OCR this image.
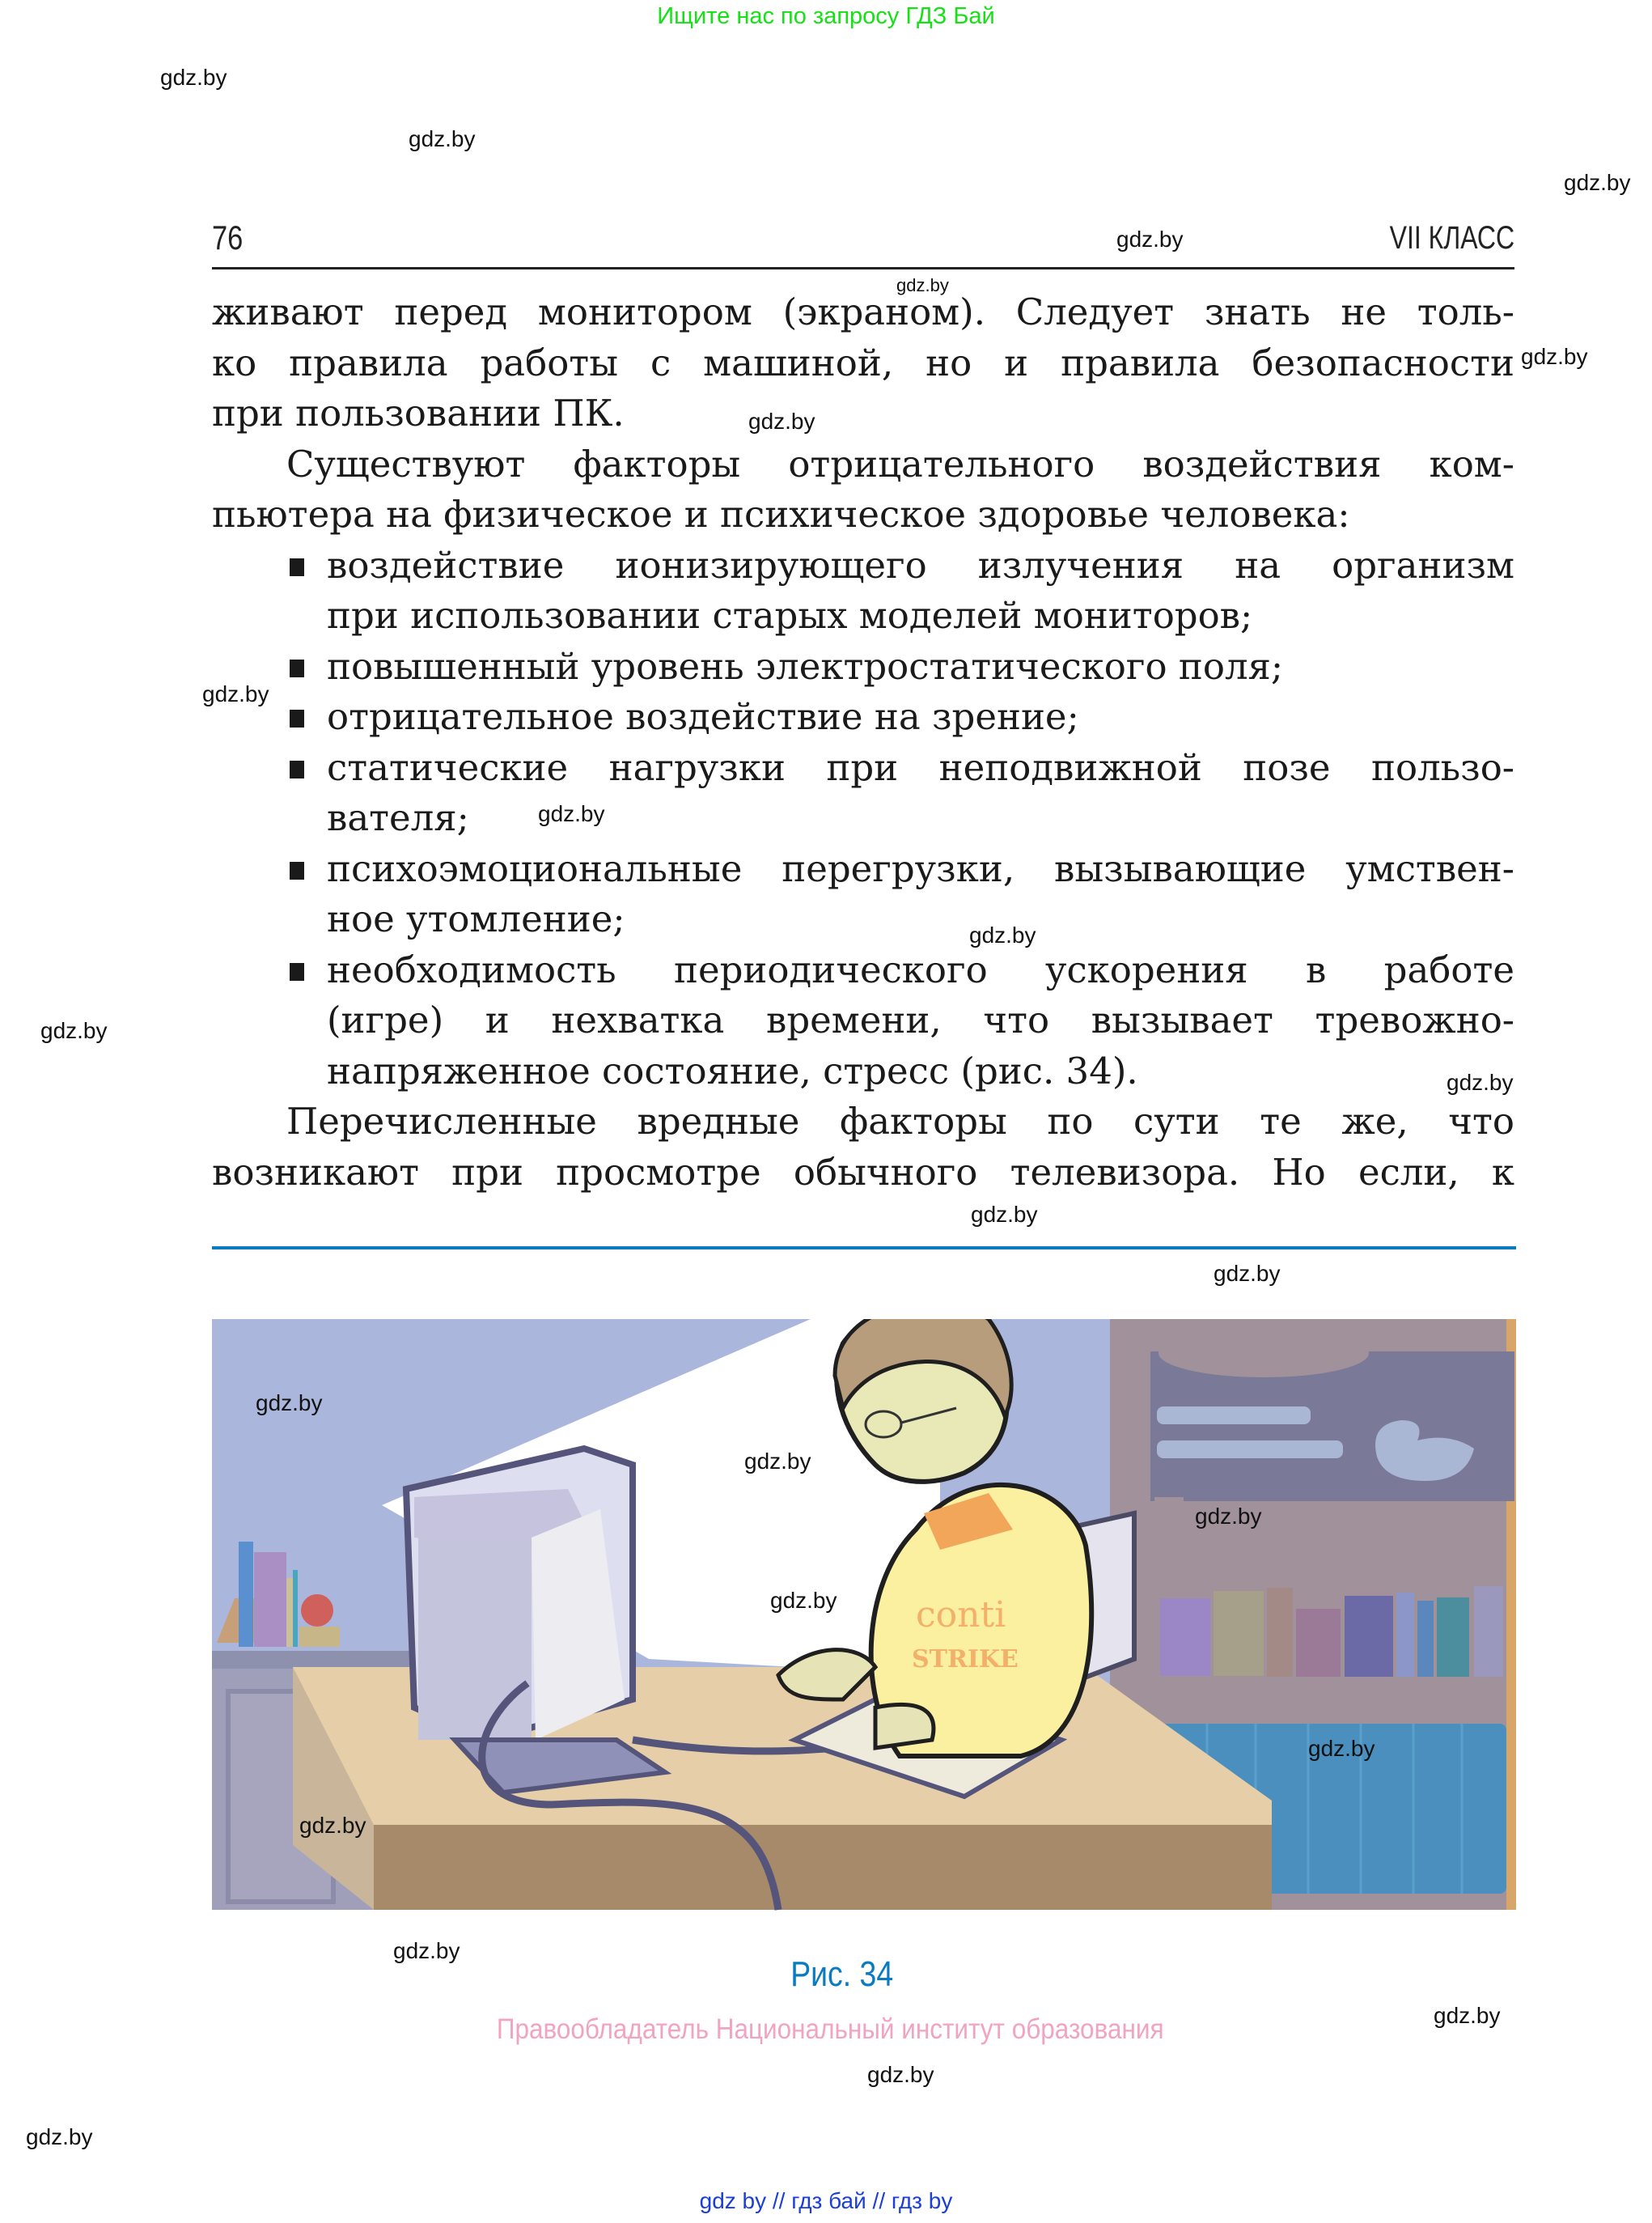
Ищите нас по запросу ГДЗ Бай
gdz.by
gdz.by
gdz.by
gdz.by
gdz.by
gdz.by
gdz.by
gdz.by
gdz.by
gdz.by
gdz.by
gdz.by
gdz.by
gdz.by
76	VII КЛАСС
живают перед монитором (экраном). Следует знать не толь-
ко правила работы с машиной, но и правила безопасности
при пользовании ПК.
Существуют факторы отрицательного воздействия ком-
пьютера на физическое и психическое здоровье человека:
воздействие ионизирующего излучения на организм
при использовании старых моделей мониторов;
повышенный уровень электростатического поля;
отрицательное воздействие на зрение;
статические нагрузки при неподвижной позе пользо-
вателя;
психоэмоциональные перегрузки, вызывающие умствен-
ное утомление;
необходимость периодического ускорения в работе
(игре) и нехватка времени, что вызывает тревожно-
напряженное состояние, стресс (рис. 34).
Перечисленные вредные факторы по сути те же, что
возникают при просмотре обычного телевизора. Но если, к
conti
STRIKE
gdz.by
gdz.by
gdz.by
gdz.by
gdz.by
gdz.by
gdz.by
gdz.by
gdz.by
gdz.by
Рис. 34
Правообладатель Национальный институт образования
gdz by // гдз бай // гдз by
